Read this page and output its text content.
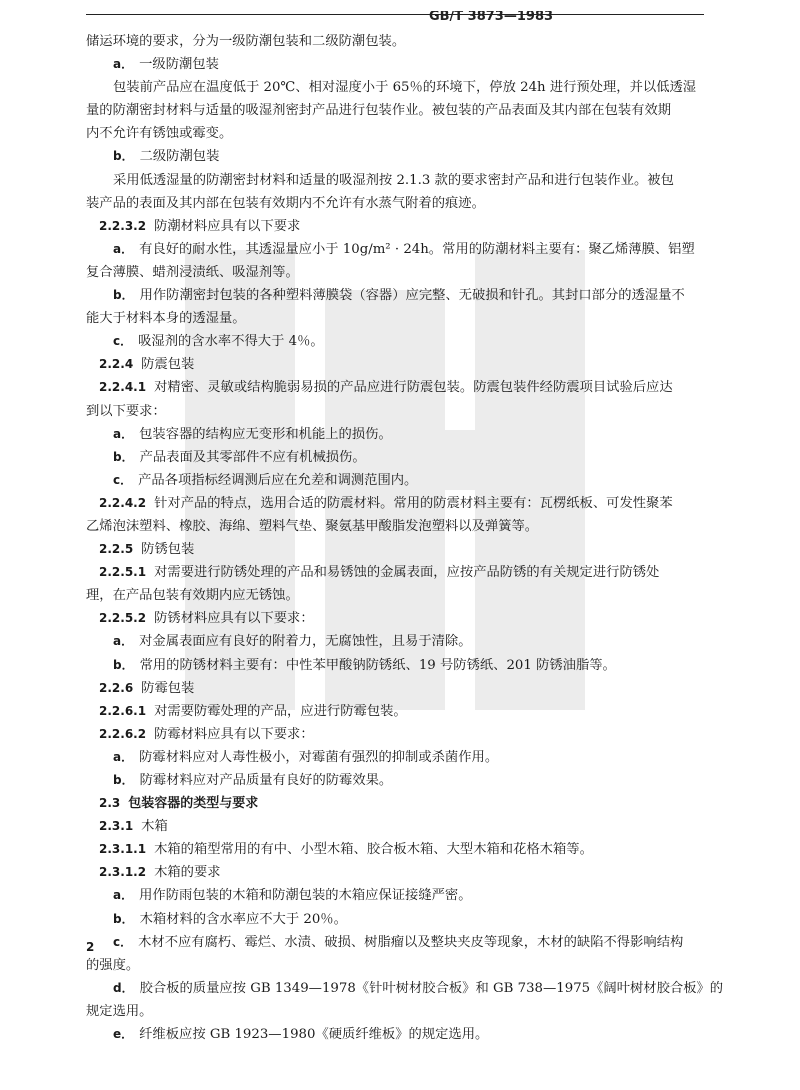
GB/T 3873—1983
储运环境的要求，分为一级防潮包装和二级防潮包装。
a． 一级防潮包装
包装前产品应在温度低于 20℃、相对湿度小于 65％的环境下，停放 24h 进行预处理，并以低透湿
量的防潮密封材料与适量的吸湿剂密封产品进行包装作业。被包装的产品表面及其内部在包装有效期
内不允许有锈蚀或霉变。
b． 二级防潮包装
采用低透湿量的防潮密封材料和适量的吸湿剂按 2.1.3 款的要求密封产品和进行包装作业。被包
装产品的表面及其内部在包装有效期内不允许有水蒸气附着的痕迹。
2.2.3.2 防潮材料应具有以下要求
a． 有良好的耐水性，其透湿量应小于 10g/m² · 24h。常用的防潮材料主要有：聚乙烯薄膜、铝塑
复合薄膜、蜡剂浸渍纸、吸湿剂等。
b． 用作防潮密封包装的各种塑料薄膜袋（容器）应完整、无破损和针孔。其封口部分的透湿量不
能大于材料本身的透湿量。
c． 吸湿剂的含水率不得大于 4％。
2.2.4 防震包装
2.2.4.1 对精密、灵敏或结构脆弱易损的产品应进行防震包装。防震包装件经防震项目试验后应达
到以下要求：
a． 包装容器的结构应无变形和机能上的损伤。
b． 产品表面及其零部件不应有机械损伤。
c． 产品各项指标经调测后应在允差和调测范围内。
2.2.4.2 针对产品的特点，选用合适的防震材料。常用的防震材料主要有：瓦楞纸板、可发性聚苯
乙烯泡沫塑料、橡胶、海绵、塑料气垫、聚氨基甲酸脂发泡塑料以及弹簧等。
2.2.5 防锈包装
2.2.5.1 对需要进行防锈处理的产品和易锈蚀的金属表面，应按产品防锈的有关规定进行防锈处
理，在产品包装有效期内应无锈蚀。
2.2.5.2 防锈材料应具有以下要求：
a． 对金属表面应有良好的附着力，无腐蚀性，且易于清除。
b． 常用的防锈材料主要有：中性苯甲酸钠防锈纸、19 号防锈纸、201 防锈油脂等。
2.2.6 防霉包装
2.2.6.1 对需要防霉处理的产品，应进行防霉包装。
2.2.6.2 防霉材料应具有以下要求：
a． 防霉材料应对人毒性极小，对霉菌有强烈的抑制或杀菌作用。
b． 防霉材料应对产品质量有良好的防霉效果。
2.3 包装容器的类型与要求
2.3.1 木箱
2.3.1.1 木箱的箱型常用的有中、小型木箱、胶合板木箱、大型木箱和花格木箱等。
2.3.1.2 木箱的要求
a． 用作防雨包装的木箱和防潮包装的木箱应保证接缝严密。
b． 木箱材料的含水率应不大于 20％。
c． 木材不应有腐朽、霉烂、水渍、破损、树脂瘤以及整块夹皮等现象，木材的缺陷不得影响结构
的强度。
d． 胶合板的质量应按 GB 1349—1978《针叶树材胶合板》和 GB 738—1975《阔叶树材胶合板》的
规定选用。
e． 纤维板应按 GB 1923—1980《硬质纤维板》的规定选用。
2
